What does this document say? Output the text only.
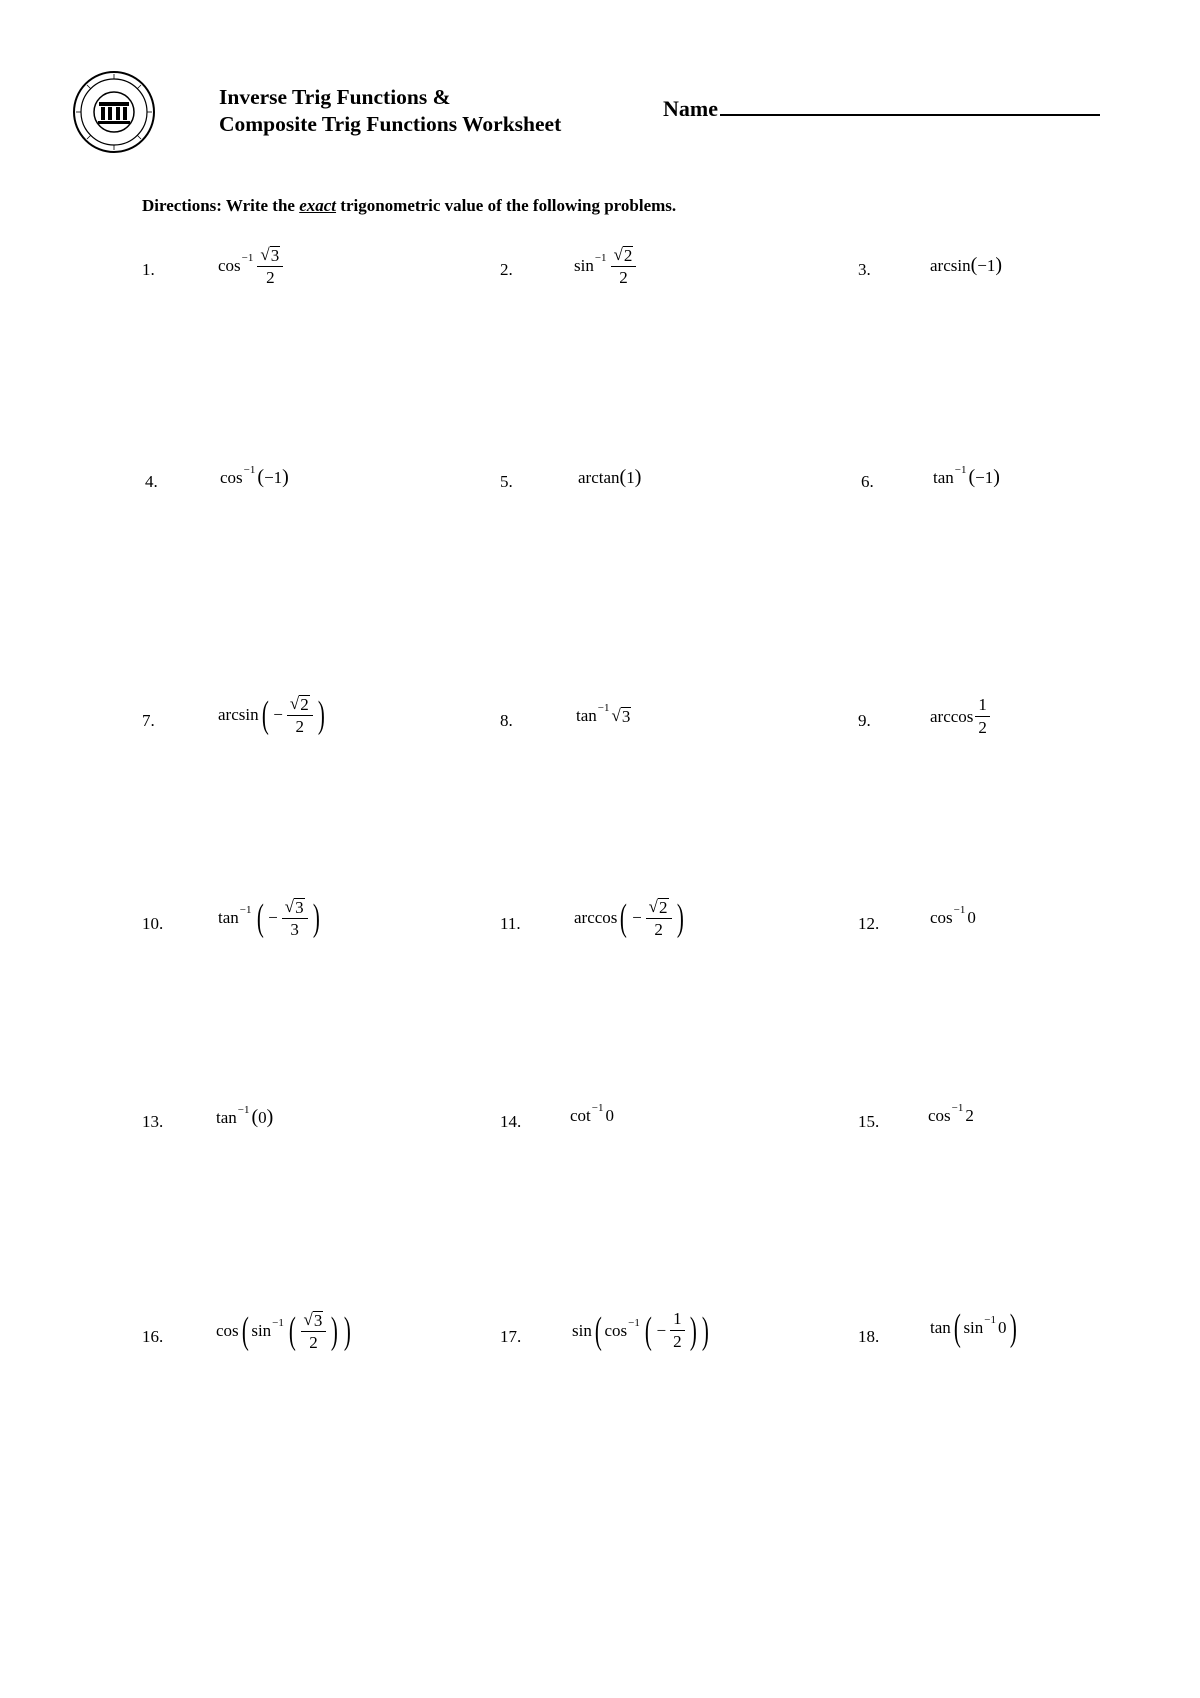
Inverse Trig Functions &
Composite Trig Functions Worksheet
Name
Directions: Write the exact trigonometric value of the following problems.
1.	$\cos -1 \frac{√ 3}{2}$	2.	$\sin -1 \frac{√ 2}{2}$	3.	arcsin ( −1 )
4.	cos −1 ( −1 )	5.	arctan ( 1 )	6.	tan −1 ( −1 )
7.	arcsin ( − $\frac{√ 2}{2}$ )	8.	tan −1 √ 3	9.	$\arccos \frac{1}{2}$
10.	tan −1 ( − $\frac{√ 3}{3}$ )	11.	arccos ( − $\frac{√ 2}{2}$ )	12.	cos −1 0
13.	tan −1 ( 0 )	14.	cot −1 0	15.	cos −1 2
16.	cos ( sin −1 ( $\frac{√ 3}{2}$ ) )	17.	sin ( cos −1 ( − $\frac{1}{2}$ ) )	18.	tan ( sin −1 0 )
